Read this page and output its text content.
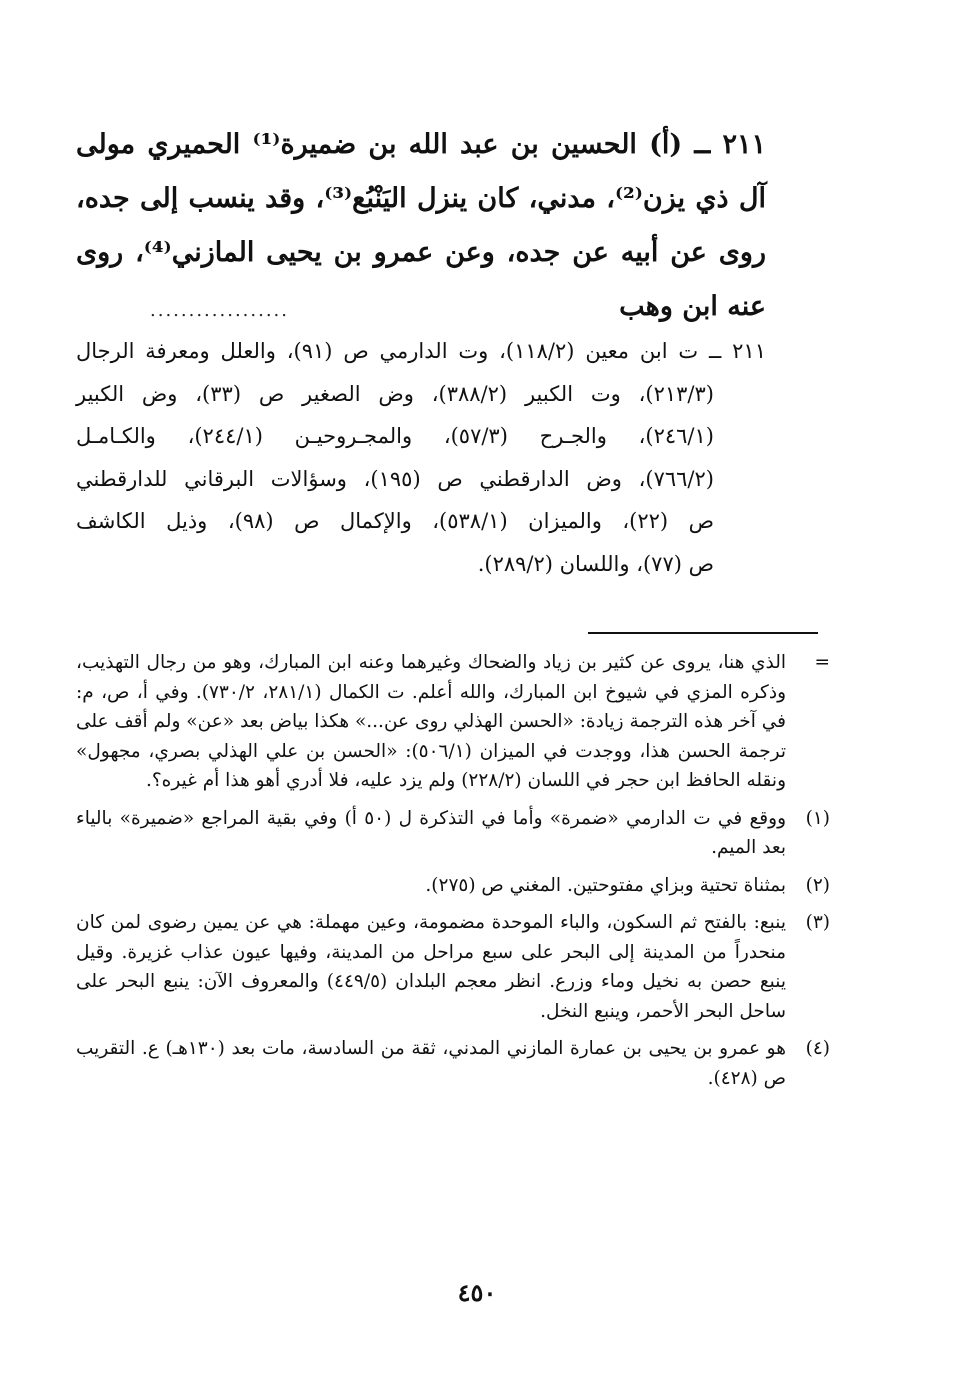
٢١١ ــ (أ) الحسين بن عبد الله بن ضميرة⁽¹⁾ الحميري مولى آل ذي يزن⁽²⁾، مدني، كان ينزل اليَنْبُع⁽³⁾، وقد ينسب إلى جده، روى عن أبيه عن جده، وعن عمرو بن يحيى المازني⁽⁴⁾، روى عنه ابن وهب
..................
٢١١ ــ ت ابن معين (١١٨/٢)، وت الدارمي ص (٩١)، والعلل ومعرفة الرجال
(٢١٣/٣)، وت الكبير (٣٨٨/٢)، وض الصغير ص (٣٣)، وض الكبير
(٢٤٦/١)، والجـرح (٥٧/٣)، والمجـروحيـن (٢٤٤/١)، والكـامـل
(٧٦٦/٢)، وض الدارقطني ص (١٩٥)، وسؤالات البرقاني للدارقطني
ص (٢٢)، والميزان (٥٣٨/١)، والإكمال ص (٩٨)، وذيل الكاشف
ص (٧٧)، واللسان (٢٨٩/٢).
=
الذي هنا، يروى عن كثير بن زياد والضحاك وغيرهما وعنه ابن المبارك، وهو من رجال التهذيب، وذكره المزي في شيوخ ابن المبارك، والله أعلم. ت الكمال (٢٨١/١، ٧٣٠/٢). وفي أ، ص، م: في آخر هذه الترجمة زيادة: «الحسن الهذلي روى عن...» هكذا بياض بعد «عن» ولم أقف على ترجمة الحسن هذا، ووجدت في الميزان (٥٠٦/١): «الحسن بن علي الهذلي بصري، مجهول» ونقله الحافظ ابن حجر في اللسان (٢٢٨/٢) ولم يزد عليه، فلا أدري أهو هذا أم غيره؟.
(١)
ووقع في ت الدارمي «ضمرة» وأما في التذكرة ل (٥٠ أ) وفي بقية المراجع «ضميرة» بالياء بعد الميم.
(٢)
بمثناة تحتية وبزاي مفتوحتين. المغني ص (٢٧٥).
(٣)
ينبع: بالفتح ثم السكون، والباء الموحدة مضمومة، وعين مهملة: هي عن يمين رضوى لمن كان منحدراً من المدينة إلى البحر على سبع مراحل من المدينة، وفيها عيون عذاب غزيرة. وقيل ينبع حصن به نخيل وماء وزرع. انظر معجم البلدان (٤٤٩/٥) والمعروف الآن: ينبع البحر على ساحل البحر الأحمر، وينبع النخل.
(٤)
هو عمرو بن يحيى بن عمارة المازني المدني، ثقة من السادسة، مات بعد (١٣٠هـ) ع. التقريب ص (٤٢٨).
٤٥٠
